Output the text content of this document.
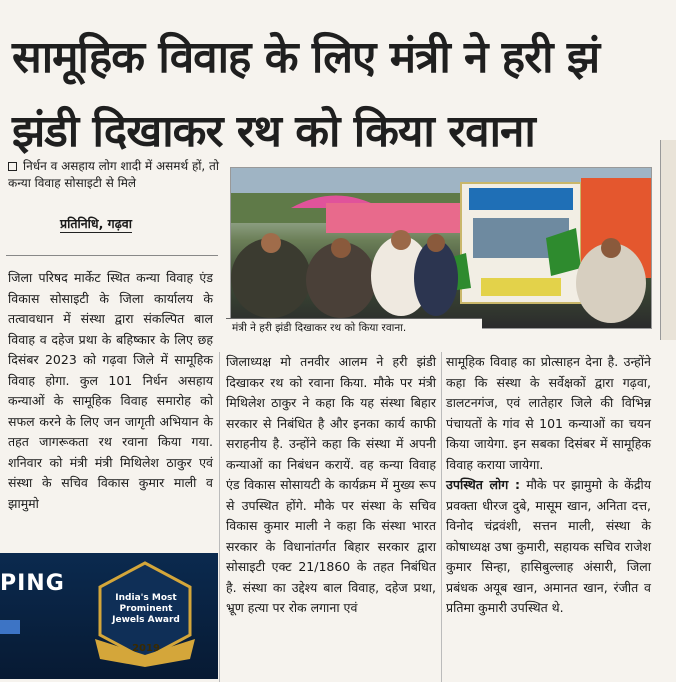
सामूहिक विवाह के लिए मंत्री ने हरी झं
झंडी दिखाकर रथ को किया रवाना
निर्धन व असहाय लोग शादी में असमर्थ हों, तो कन्या विवाह सोसाइटी से मिले
प्रतिनिधि, गढ़वा
मंत्री ने हरी झंडी दिखाकर रथ को किया रवाना.
जिला परिषद मार्केट स्थित कन्या विवाह एंड विकास सोसाइटी के जिला कार्यालय के तत्वावधान में संस्था द्वारा संकल्पित बाल विवाह व दहेज प्रथा के बहिष्कार के लिए छह दिसंबर 2023 को गढ़वा जिले में सामूहिक विवाह होगा. कुल 101 निर्धन असहाय कन्याओं के सामूहिक विवाह समारोह को सफल करने के लिए जन जागृती अभियान के तहत जागरूकता रथ रवाना किया गया. शनिवार को मंत्री मंत्री मिथिलेश ठाकुर एवं संस्था के सचिव विकास कुमार माली व झामुमो
जिलाध्यक्ष मो तनवीर आलम ने हरी झंडी दिखाकर रथ को रवाना किया. मौके पर मंत्री मिथिलेश ठाकुर ने कहा कि यह संस्था बिहार सरकार से निबंधित है और इनका कार्य काफी सराहनीय है. उन्होंने कहा कि संस्था में अपनी कन्याओं का निबंधन करायें. वह कन्या विवाह एंड विकास सोसायटी के कार्यक्रम में मुख्य रूप से उपस्थित होंगे. मौके पर संस्था के सचिव विकास कुमार माली ने कहा कि संस्था भारत सरकार के विधानांतर्गत बिहार सरकार द्वारा सोसाइटी एक्ट 21/1860 के तहत निबंधित है. संस्था का उद्देश्य बाल विवाह, दहेज प्रथा, भ्रूण हत्या पर रोक लगाना एवं
सामूहिक विवाह का प्रोत्साहन देना है. उन्होंने कहा कि संस्था के सर्वेक्षकों द्वारा गढ़वा, डालटनगंज, एवं लातेहार जिले की विभिन्न पंचायतों के गांव से 101 कन्याओं का चयन किया जायेगा. इन सबका दिसंबर में सामूहिक विवाह कराया जायेगा.
उपस्थित लोग : मौके पर झामुमो के केंद्रीय प्रवक्ता धीरज दुबे, मासूम खान, अनिता दत्त, विनोद चंद्रवंशी, सत्तन माली, संस्था के कोषाध्यक्ष उषा कुमारी, सहायक सचिव राजेश कुमार सिन्हा, हासिबुल्लाह अंसारी, जिला प्रबंधक अयूब खान, अमानत खान, रंजीत व प्रतिमा कुमारी उपस्थित थे.
PING
India's Most
Prominent
Jewels Award
2019
